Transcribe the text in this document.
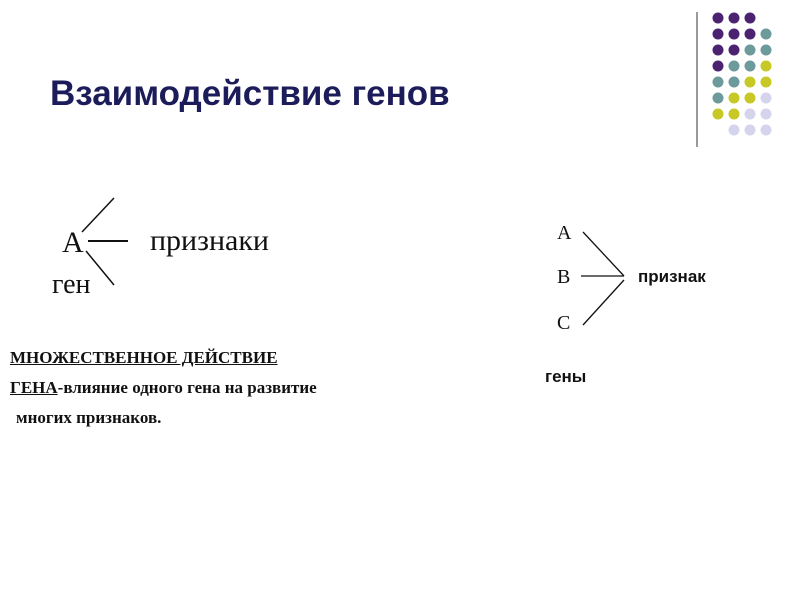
Взаимодействие генов
A признаки
ген
МНОЖЕСТВЕННОЕ ДЕЙСТВИЕ
ГЕНА-влияние одного гена на развитие
многих признаков.
A
B
C
признак
гены
